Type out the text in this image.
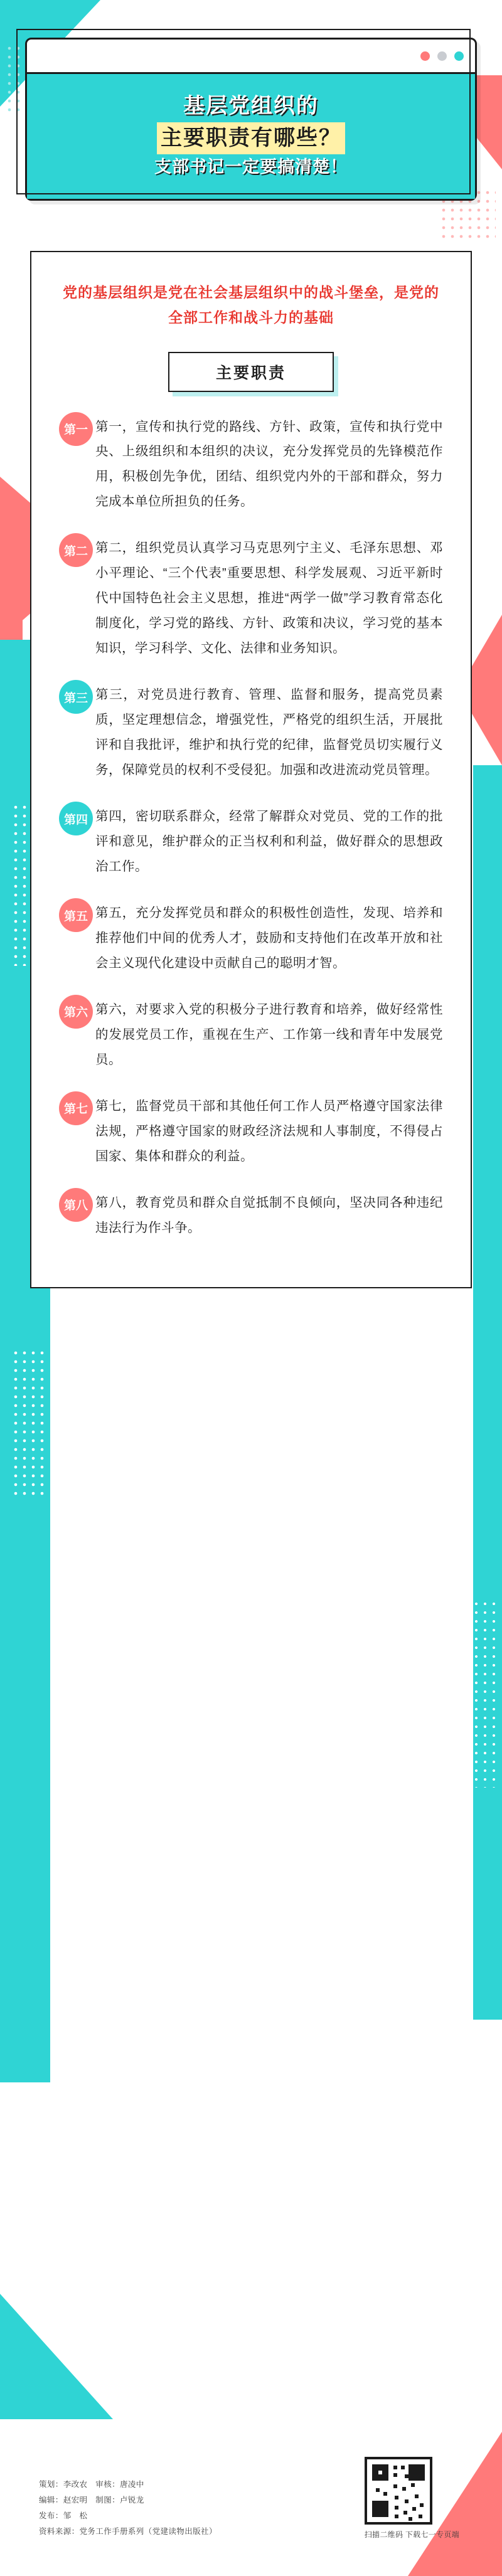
基层党组织的
主要职责有哪些？
支部书记一定要搞清楚！
党的基层组织是党在社会基层组织中的战斗堡垒，是党的全部工作和战斗力的基础
主要职责
第一 第一，宣传和执行党的路线、方针、政策，宣传和执行党中央、上级组织和本组织的决议，充分发挥党员的先锋模范作用，积极创先争优，团结、组织党内外的干部和群众，努力完成本单位所担负的任务。
第二 第二，组织党员认真学习马克思列宁主义、毛泽东思想、邓小平理论、“三个代表”重要思想、科学发展观、习近平新时代中国特色社会主义思想，推进“两学一做”学习教育常态化制度化，学习党的路线、方针、政策和决议，学习党的基本知识，学习科学、文化、法律和业务知识。
第三 第三，对党员进行教育、管理、监督和服务，提高党员素质，坚定理想信念，增强党性，严格党的组织生活，开展批评和自我批评，维护和执行党的纪律，监督党员切实履行义务，保障党员的权利不受侵犯。加强和改进流动党员管理。
第四 第四，密切联系群众，经常了解群众对党员、党的工作的批评和意见，维护群众的正当权利和利益，做好群众的思想政治工作。
第五 第五，充分发挥党员和群众的积极性创造性，发现、培养和推荐他们中间的优秀人才，鼓励和支持他们在改革开放和社会主义现代化建设中贡献自己的聪明才智。
第六 第六，对要求入党的积极分子进行教育和培养，做好经常性的发展党员工作，重视在生产、工作第一线和青年中发展党员。
第七 第七，监督党员干部和其他任何工作人员严格遵守国家法律法规，严格遵守国家的财政经济法规和人事制度，不得侵占国家、集体和群众的利益。
第八 第八，教育党员和群众自觉抵制不良倾向，坚决同各种违纪违法行为作斗争。
策划：李改农　审核：唐凌中
编辑：赵宏明　制图：卢锐龙
发布：邹　松
资料来源：党务工作手册系列（党建读物出版社）	扫描二维码 下载七一专页端
